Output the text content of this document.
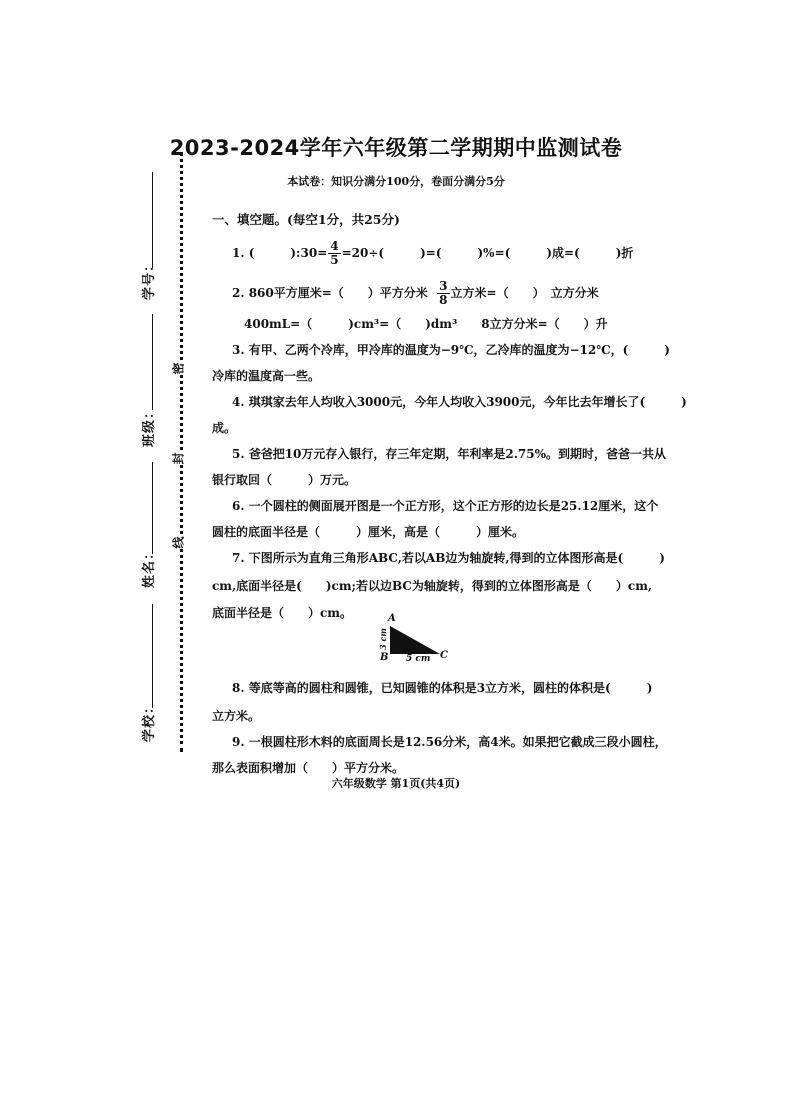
学号：
班级：
姓名：
学校：
密
封
线
2023-2024学年六年级第二学期期中监测试卷
本试卷：知识分满分100分，卷面分满分5分
一、填空题。(每空1分，共25分)
1. (　　　):30= $\frac{4}{5} =20\div$(　　　)=(　　　)%=(　　　)成=(　　　)折
2. 860平方厘米=（　　）平方分米 $\frac{3}{8}$ 立方米=（　　）　立方分米
400mL=（　　　)cm³=（　　)dm³　　8立方分米=（　　）升
3. 有甲、乙两个冷库，甲冷库的温度为−9℃，乙冷库的温度为−12℃，(　　　)
冷库的温度高一些。
4. 琪琪家去年人均收入3000元，今年人均收入3900元，今年比去年增长了(　　　)
成。
5. 爸爸把10万元存入银行，存三年定期，年利率是2.75%。到期时，爸爸一共从
银行取回（　　　）万元。
6. 一个圆柱的侧面展开图是一个正方形，这个正方形的边长是25.12厘米，这个
圆柱的底面半径是（　　　）厘米，高是（　　　）厘米。
7. 下图所示为直角三角形ABC,若以AB边为轴旋转,得到的立体图形高是(　　　)
cm,底面半径是(　　)cm;若以边BC为轴旋转，得到的立体图形高是（　　）cm,
底面半径是（　　）cm。	A
B	C
3 cm
5 cm
8. 等底等高的圆柱和圆锥，已知圆锥的体积是3立方米，圆柱的体积是(　　　)
立方米。
9. 一根圆柱形木料的底面周长是12.56分米，高4米。如果把它截成三段小圆柱，
那么表面积增加（　　）平方分米。
六年级数学 第1页(共4页)
